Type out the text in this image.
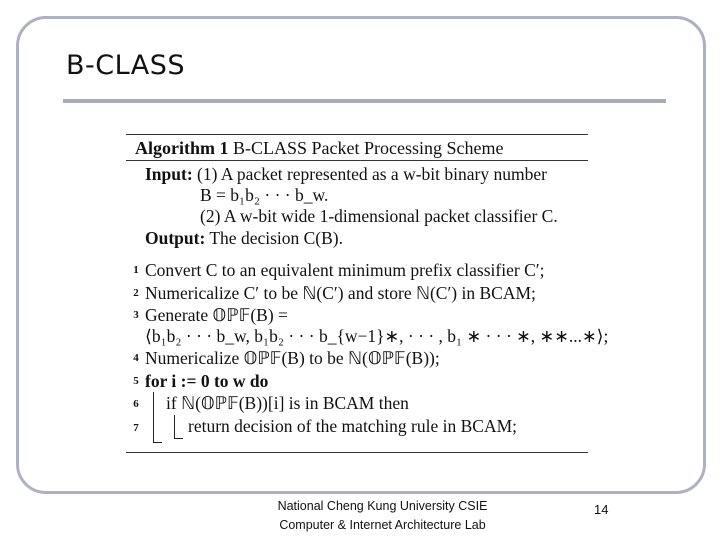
B-CLASS
Algorithm 1 B-CLASS Packet Processing Scheme
Input: (1) A packet represented as a w-bit binary number
B = b₁b₂ · · · b_w.
(2) A w-bit wide 1-dimensional packet classifier C.
Output: The decision C(B).
1 Convert C to an equivalent minimum prefix classifier C′;
2 Numericalize C′ to be ℕ(C′) and store ℕ(C′) in BCAM;
3 Generate 𝕆ℙ𝔽(B) =
⟨b₁b₂ · · · b_w, b₁b₂ · · · b_{w−1}∗, · · · , b₁ ∗ · · · ∗, ∗∗...∗⟩;
4 Numericalize 𝕆ℙ𝔽(B) to be ℕ(𝕆ℙ𝔽(B));
5 for i := 0 to w do
6 if ℕ(𝕆ℙ𝔽(B))[i] is in BCAM then
7	return decision of the matching rule in BCAM;
National Cheng Kung University CSIE
Computer & Internet Architecture Lab
14
